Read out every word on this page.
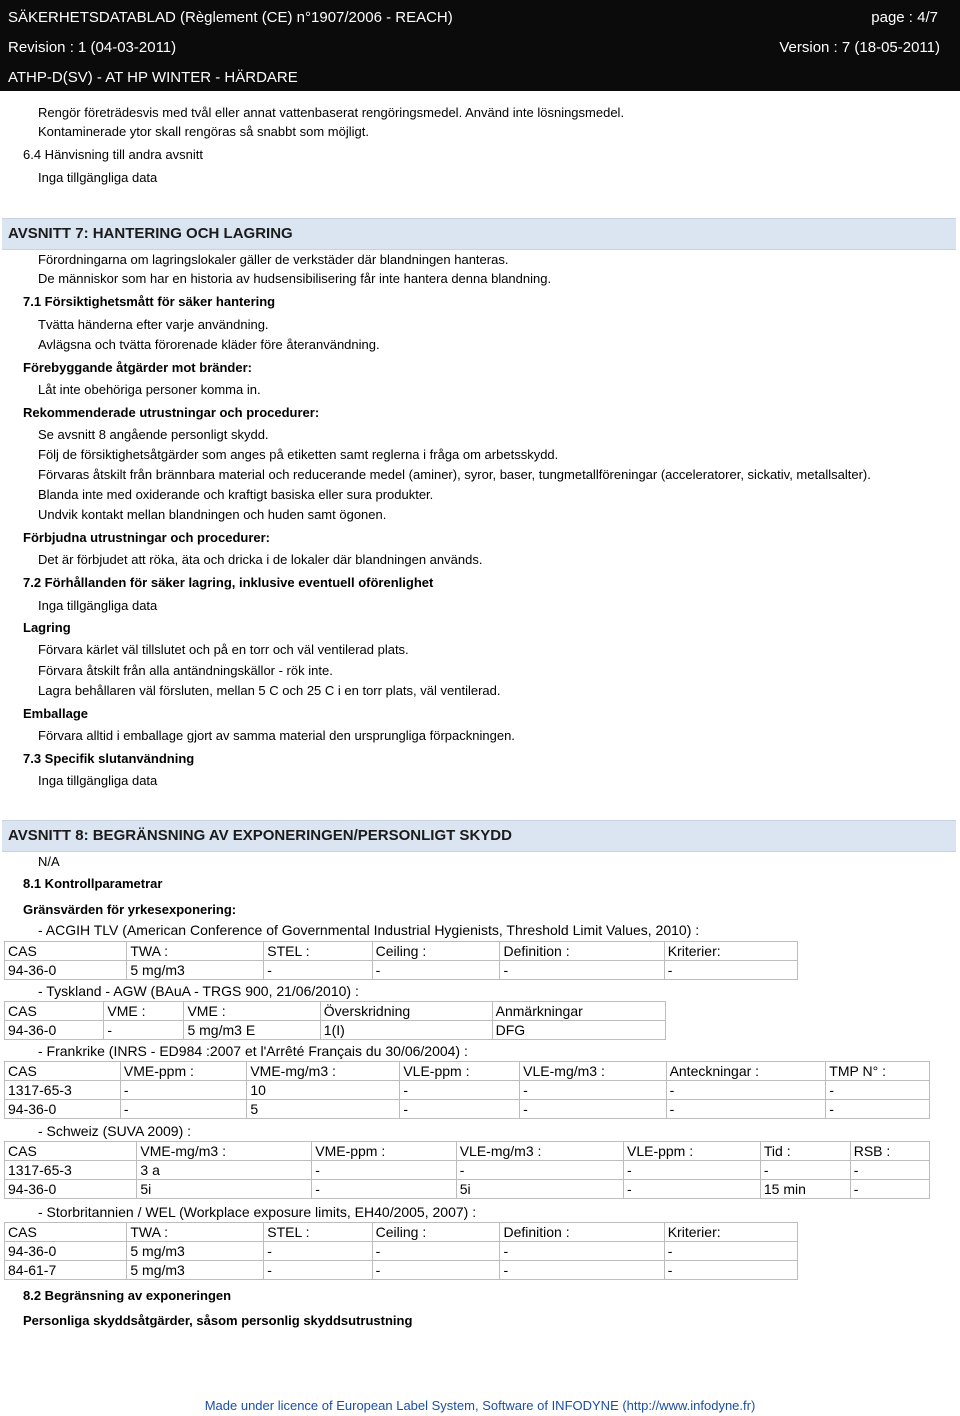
SÄKERHETSDATABLAD (Règlement (CE) n°1907/2006 - REACH)	page : 4/7
Revision : 1 (04-03-2011)	Version : 7 (18-05-2011)
ATHP-D(SV) - AT HP WINTER - HÄRDARE
Rengör företrädesvis med tvål eller annat vattenbaserat rengöringsmedel. Använd inte lösningsmedel.
Kontaminerade ytor skall rengöras så snabbt som möjligt.
6.4 Hänvisning till andra avsnitt
Inga tillgängliga data
AVSNITT 7: HANTERING OCH LAGRING
Förordningarna om lagringslokaler gäller de verkstäder där blandningen hanteras.
De människor som har en historia av hudsensibilisering får inte hantera denna blandning.
7.1 Försiktighetsmått för säker hantering
Tvätta händerna efter varje användning.
Avlägsna och tvätta förorenade kläder före återanvändning.
Förebyggande åtgärder mot bränder:
Låt inte obehöriga personer komma in.
Rekommenderade utrustningar och procedurer:
Se avsnitt 8 angående personligt skydd.
Följ de försiktighetsåtgärder som anges på etiketten samt reglerna i fråga om arbetsskydd.
Förvaras åtskilt från brännbara material och reducerande medel (aminer), syror, baser, tungmetallföreningar (acceleratorer, sickativ, metallsalter).
Blanda inte med oxiderande och kraftigt basiska eller sura produkter.
Undvik kontakt mellan blandningen och huden samt ögonen.
Förbjudna utrustningar och procedurer:
Det är förbjudet att röka, äta och dricka i de lokaler där blandningen används.
7.2 Förhållanden för säker lagring, inklusive eventuell oförenlighet
Inga tillgängliga data
Lagring
Förvara kärlet väl tillslutet och på en torr och väl ventilerad plats.
Förvara åtskilt från alla antändningskällor - rök inte.
Lagra behållaren väl försluten, mellan 5 C och 25 C i en torr plats, väl ventilerad.
Emballage
Förvara alltid i emballage gjort av samma material den ursprungliga förpackningen.
7.3 Specifik slutanvändning
Inga tillgängliga data
AVSNITT 8: BEGRÄNSNING AV EXPONERINGEN/PERSONLIGT SKYDD
N/A
8.1 Kontrollparametrar
Gränsvärden för yrkesexponering:
- ACGIH TLV (American Conference of Governmental Industrial Hygienists, Threshold Limit Values, 2010) :
CAS	TWA :	STEL :	Ceiling :	Definition :	Kriterier:
94-36-0	5 mg/m3	-	-	-	-
- Tyskland - AGW (BAuA - TRGS 900, 21/06/2010) :
CAS	VME :	VME :	Överskridning	Anmärkningar
94-36-0	-	5 mg/m3 E	1(I)	DFG
- Frankrike (INRS - ED984 :2007 et l'Arrêté Français du 30/06/2004) :
CAS	VME-ppm :	VME-mg/m3 :	VLE-ppm :	VLE-mg/m3 :	Anteckningar :	TMP N° :
1317-65-3	-	10	-	-	-	-
94-36-0	-	5	-	-	-	-
- Schweiz (SUVA 2009) :
CAS	VME-mg/m3 :	VME-ppm :	VLE-mg/m3 :	VLE-ppm :	Tid :	RSB :
1317-65-3	3 a	-	-	-	-	-
94-36-0	5i	-	5i	-	15 min	-
- Storbritannien / WEL (Workplace exposure limits, EH40/2005, 2007) :
CAS	TWA :	STEL :	Ceiling :	Definition :	Kriterier:
94-36-0	5 mg/m3	-	-	-	-
84-61-7	5 mg/m3	-	-	-	-
8.2 Begränsning av exponeringen
Personliga skyddsåtgärder, såsom personlig skyddsutrustning
Made under licence of European Label System, Software of INFODYNE (http://www.infodyne.fr)
